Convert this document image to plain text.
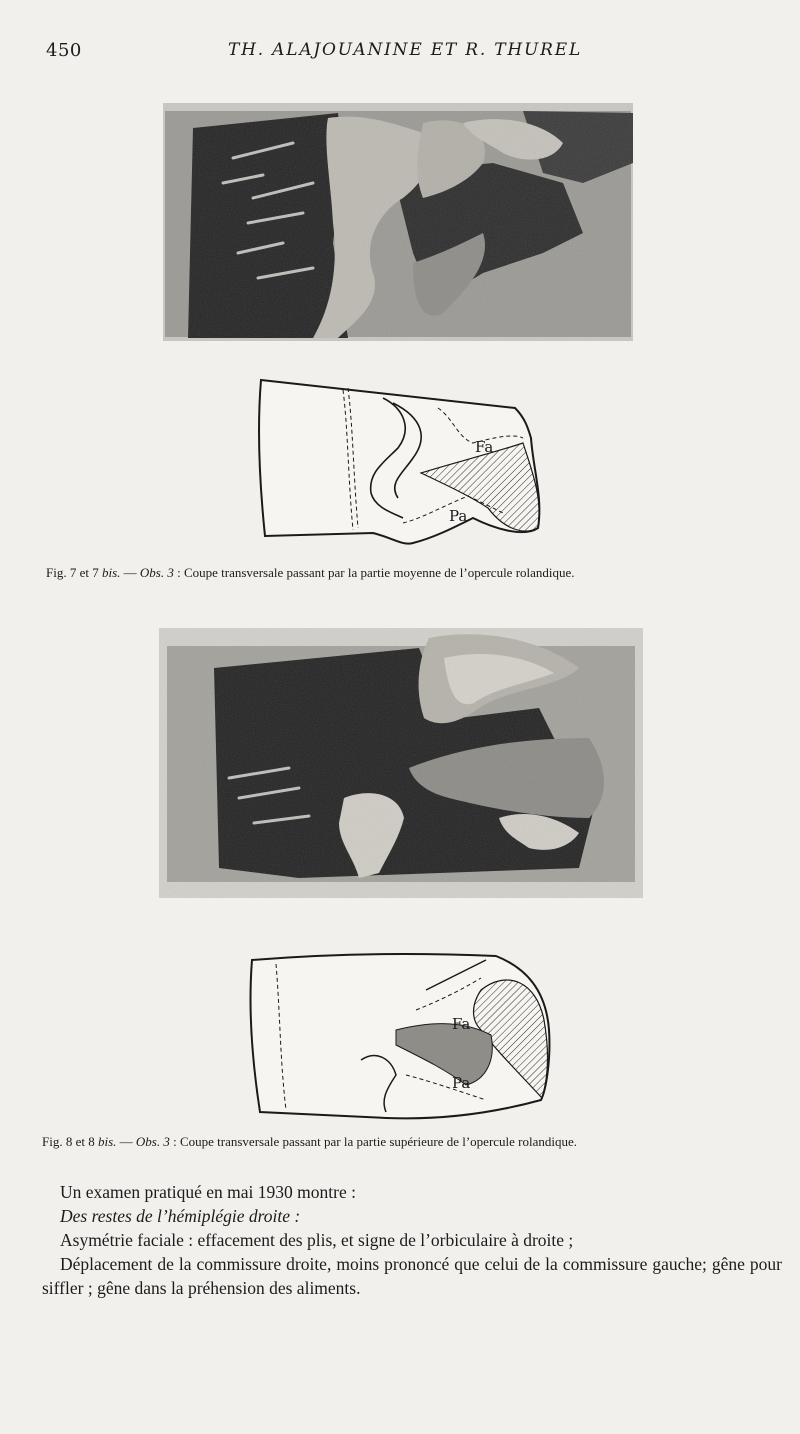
450	TH. ALAJOUANINE ET R. THUREL
Fa
Pa
Fig. 7 et 7 bis. — Obs. 3 : Coupe transversale passant par la partie moyenne de l’opercule rolandique.
Fa
Pa
Fig. 8 et 8 bis. — Obs. 3 : Coupe transversale passant par la partie supérieure de l’opercule rolandique.

Un examen pratiqué en mai 1930 montre :

Des restes de l’hémiplégie droite :

Asymétrie faciale : effacement des plis, et signe de l’orbiculaire à droite ;

Déplacement de la commissure droite, moins prononcé que celui de la commissure gauche; gêne pour siffler ; gêne dans la préhension des aliments.
